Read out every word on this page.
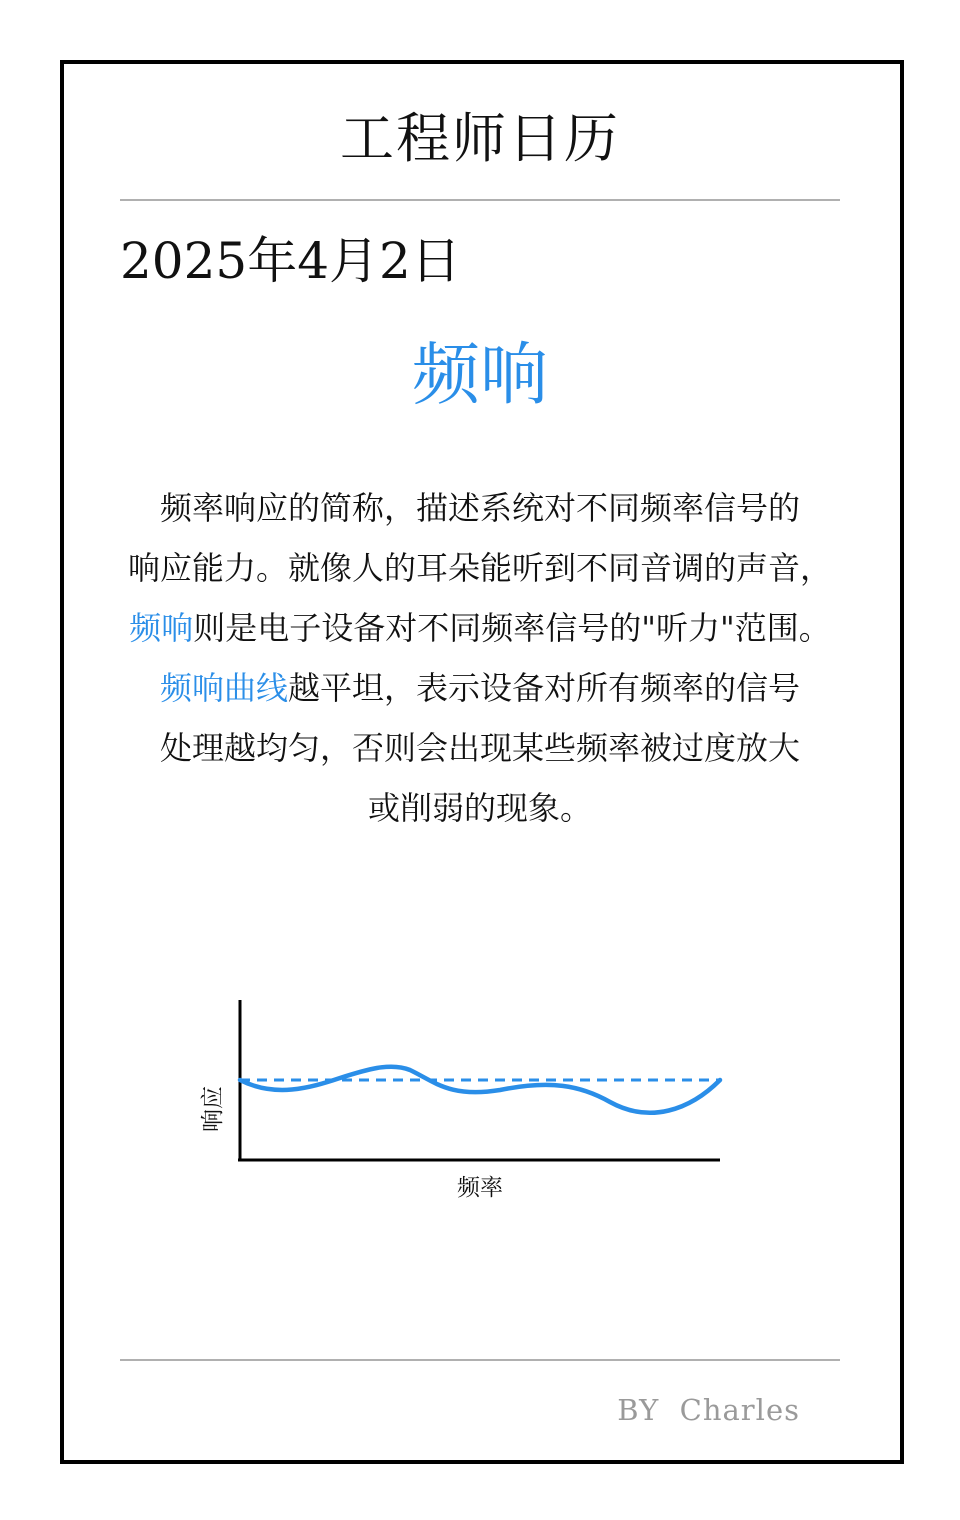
工程师日历
2025年4月2日
频响
频率响应的简称，描述系统对不同频率信号的
响应能力。就像人的耳朵能听到不同音调的声音，
频响则是电子设备对不同频率信号的"听力"范围。
频响曲线越平坦，表示设备对所有频率的信号
处理越均匀，否则会出现某些频率被过度放大
或削弱的现象。
响应
频率
BY  Charles
